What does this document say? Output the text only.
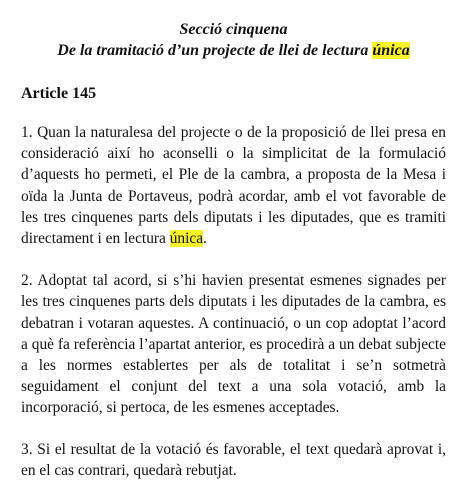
Secció cinquena

De la tramitació d’un projecte de llei de lectura única

Article 145

1. Quan la naturalesa del projecte o de la proposició de llei presa en consideració així ho aconselli o la simplicitat de la formulació d’aquests ho permeti, el Ple de la cambra, a proposta de la Mesa i oïda la Junta de Portaveus, podrà acordar, amb el vot favorable de les tres cinquenes parts dels diputats i les diputades, que es tramiti directament i en lectura única.

2. Adoptat tal acord, si s’hi havien presentat esmenes signades per les tres cinquenes parts dels diputats i les diputades de la cambra, es debatran i votaran aquestes. A continuació, o un cop adoptat l’acord a què fa referència l’apartat anterior, es procedirà a un debat subjecte a les normes establertes per als de totalitat i se’n sotmetrà seguidament el conjunt del text a una sola votació, amb la incorporació, si pertoca, de les esmenes acceptades.

3. Si el resultat de la votació és favorable, el text quedarà aprovat i, en el cas contrari, quedarà rebutjat.
